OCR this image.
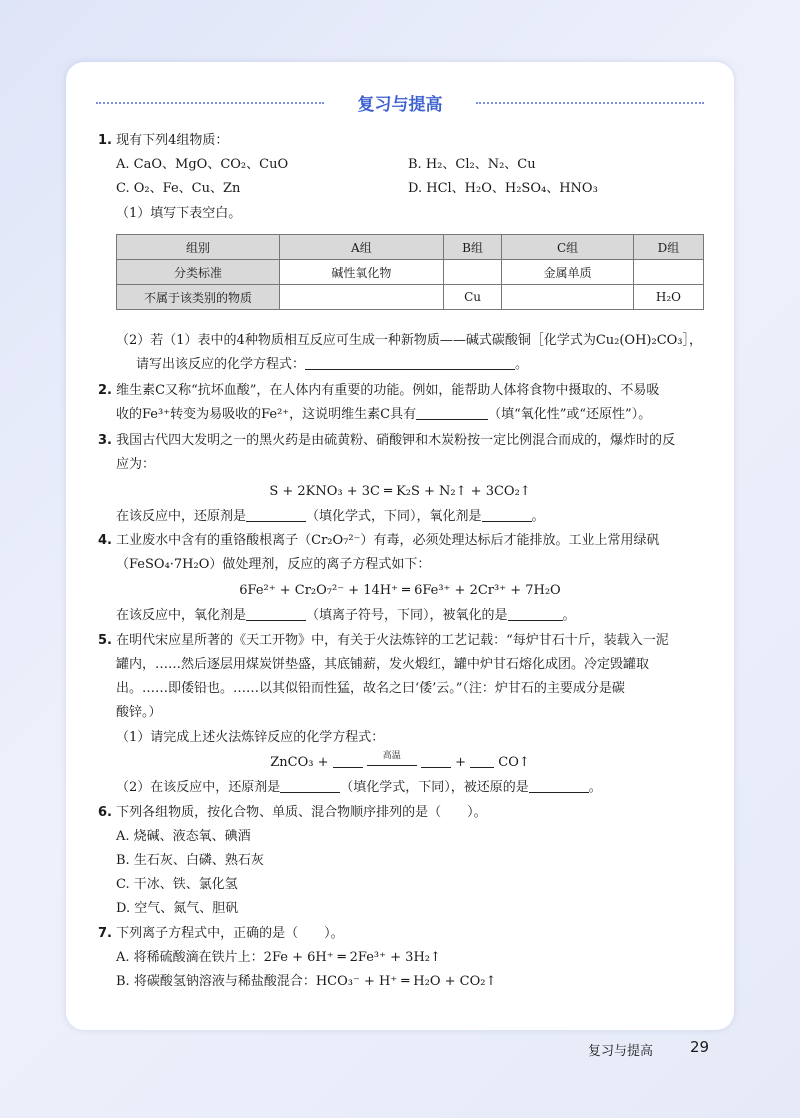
复习与提高
1. 现有下列4组物质：
A. CaO、MgO、CO₂、CuO	B. H₂、Cl₂、N₂、Cu
C. O₂、Fe、Cu、Zn	D. HCl、H₂O、H₂SO₄、HNO₃
（1）填写下表空白。
组别	A组	B组	C组	D组
分类标准	碱性氧化物		金属单质	
不属于该类别的物质		Cu		H₂O
（2）若（1）表中的4种物质相互反应可生成一种新物质——碱式碳酸铜［化学式为Cu₂(OH)₂CO₃］，
请写出该反应的化学方程式：	。
2. 维生素C又称“抗坏血酸”，在人体内有重要的功能。例如，能帮助人体将食物中摄取的、不易吸
收的Fe³⁺转变为易吸收的Fe²⁺，这说明维生素C具有	（填“氧化性”或“还原性”）。
3. 我国古代四大发明之一的黑火药是由硫黄粉、硝酸钾和木炭粉按一定比例混合而成的，爆炸时的反
应为：
S + 2KNO₃ + 3C ═ K₂S + N₂↑ + 3CO₂↑
在该反应中，还原剂是	（填化学式，下同），氧化剂是	。
4. 工业废水中含有的重铬酸根离子（Cr₂O₇²⁻）有毒，必须处理达标后才能排放。工业上常用绿矾
（FeSO₄·7H₂O）做处理剂，反应的离子方程式如下：
6Fe²⁺ + Cr₂O₇²⁻ + 14H⁺ ═ 6Fe³⁺ + 2Cr³⁺ + 7H₂O
在该反应中，氧化剂是	（填离子符号，下同），被氧化的是	。
5. 在明代宋应星所著的《天工开物》中，有关于火法炼锌的工艺记载：“每炉甘石十斤，装载入一泥
罐内，……然后逐层用煤炭饼垫盛，其底铺薪，发火煅红，罐中炉甘石熔化成团。冷定毁罐取
出。……即倭铅也。……以其似铅而性猛，故名之曰‘倭’云。”（注：炉甘石的主要成分是碳
酸锌。）
（1）请完成上述火法炼锌反应的化学方程式：
ZnCO₃ +	高温	+ CO↑
（2）在该反应中，还原剂是	（填化学式，下同），被还原的是	。
6. 下列各组物质，按化合物、单质、混合物顺序排列的是（　　）。
A. 烧碱、液态氧、碘酒
B. 生石灰、白磷、熟石灰
C. 干冰、铁、氯化氢
D. 空气、氮气、胆矾
7. 下列离子方程式中，正确的是（　　）。
A. 将稀硫酸滴在铁片上：2Fe + 6H⁺ ═ 2Fe³⁺ + 3H₂↑
B. 将碳酸氢钠溶液与稀盐酸混合：HCO₃⁻ + H⁺ ═ H₂O + CO₂↑
复习与提高 29
